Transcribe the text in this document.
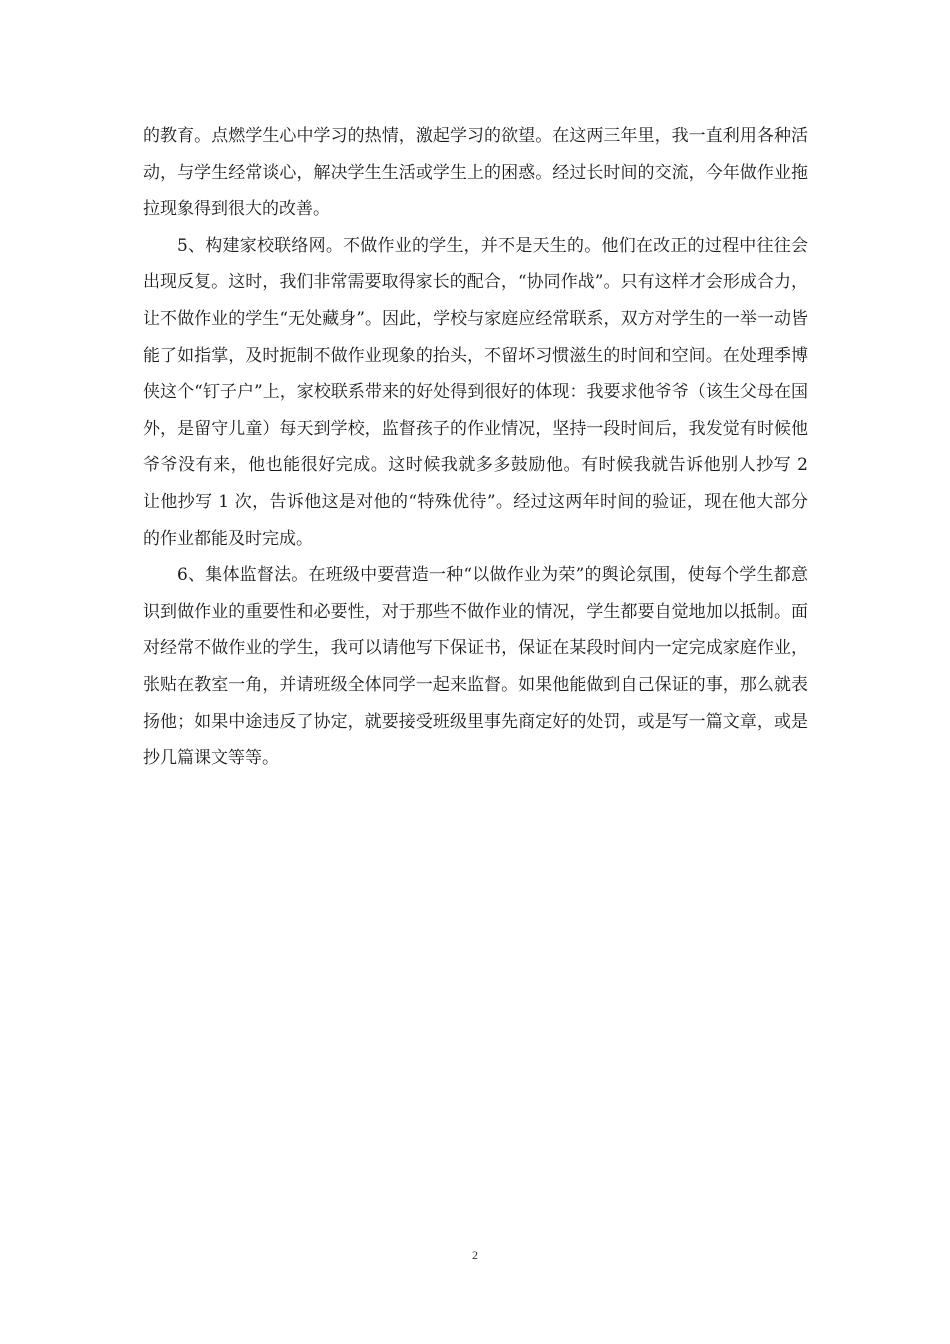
的教育。点燃学生心中学习的热情，激起学习的欲望。在这两三年里，我一直利用各种活动，与学生经常谈心，解决学生生活或学生上的困惑。经过长时间的交流，今年做作业拖拉现象得到很大的改善。

5、构建家校联络网。不做作业的学生，并不是天生的。他们在改正的过程中往往会出现反复。这时，我们非常需要取得家长的配合，“协同作战”。只有这样才会形成合力，让不做作业的学生“无处藏身”。因此，学校与家庭应经常联系，双方对学生的一举一动皆能了如指掌，及时扼制不做作业现象的抬头，不留坏习惯滋生的时间和空间。在处理季博侠这个“钉子户”上，家校联系带来的好处得到很好的体现：我要求他爷爷（该生父母在国外，是留守儿童）每天到学校，监督孩子的作业情况，坚持一段时间后，我发觉有时候他爷爷没有来，他也能很好完成。这时候我就多多鼓励他。有时候我就告诉他别人抄写 2 让他抄写 1 次，告诉他这是对他的“特殊优待”。经过这两年时间的验证，现在他大部分的作业都能及时完成。

6、集体监督法。在班级中要营造一种“以做作业为荣”的舆论氛围，使每个学生都意识到做作业的重要性和必要性，对于那些不做作业的情况，学生都要自觉地加以抵制。面对经常不做作业的学生，我可以请他写下保证书，保证在某段时间内一定完成家庭作业，张贴在教室一角，并请班级全体同学一起来监督。如果他能做到自己保证的事，那么就表扬他；如果中途违反了协定，就要接受班级里事先商定好的处罚，或是写一篇文章，或是抄几篇课文等等。

2
